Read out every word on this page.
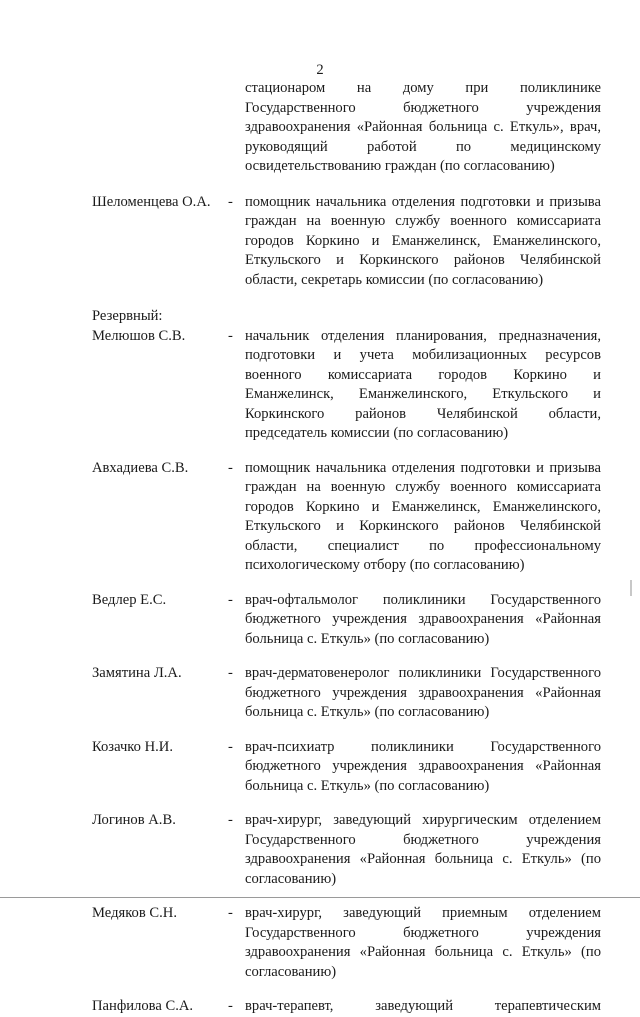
2
стационаром на дому при поликлинике Государственного бюджетного учреждения здравоохранения «Районная больница с. Еткуль», врач, руководящий работой по медицинскому освидетельствованию граждан (по согласованию)
Шеломенцева О.А. - помощник начальника отделения подготовки и призыва граждан на военную службу военного комиссариата городов Коркино и Еманжелинск, Еманжелинского, Еткульского и Коркинского районов Челябинской области, секретарь комиссии (по согласованию)
Резервный:
Мелюшов С.В.	- начальник отделения планирования, предназначения, подготовки и учета мобилизационных ресурсов военного комиссариата городов Коркино и Еманжелинск, Еманжелинского, Еткульского и Коркинского районов Челябинской области, председатель комиссии (по согласованию)
Авхадиева С.В.	- помощник начальника отделения подготовки и призыва граждан на военную службу военного комиссариата городов Коркино и Еманжелинск, Еманжелинского, Еткульского и Коркинского районов Челябинской области, специалист по профессиональному психологическому отбору (по согласованию)
Ведлер Е.С.	- врач-офтальмолог поликлиники Государственного бюджетного учреждения здравоохранения «Районная больница с. Еткуль» (по согласованию)
Замятина Л.А.	- врач-дерматовенеролог поликлиники Государственного бюджетного учреждения здравоохранения «Районная больница с. Еткуль» (по согласованию)
Козачко Н.И.	- врач-психиатр поликлиники Государственного бюджетного учреждения здравоохранения «Районная больница с. Еткуль» (по согласованию)
Логинов А.В.	- врач-хирург, заведующий хирургическим отделением Государственного бюджетного учреждения здравоохранения «Районная больница с. Еткуль» (по согласованию)
Медяков С.Н.	- врач-хирург, заведующий приемным отделением Государственного бюджетного учреждения здравоохранения «Районная больница с. Еткуль» (по согласованию)
Панфилова С.А. - врач-терапевт, заведующий терапевтическим
